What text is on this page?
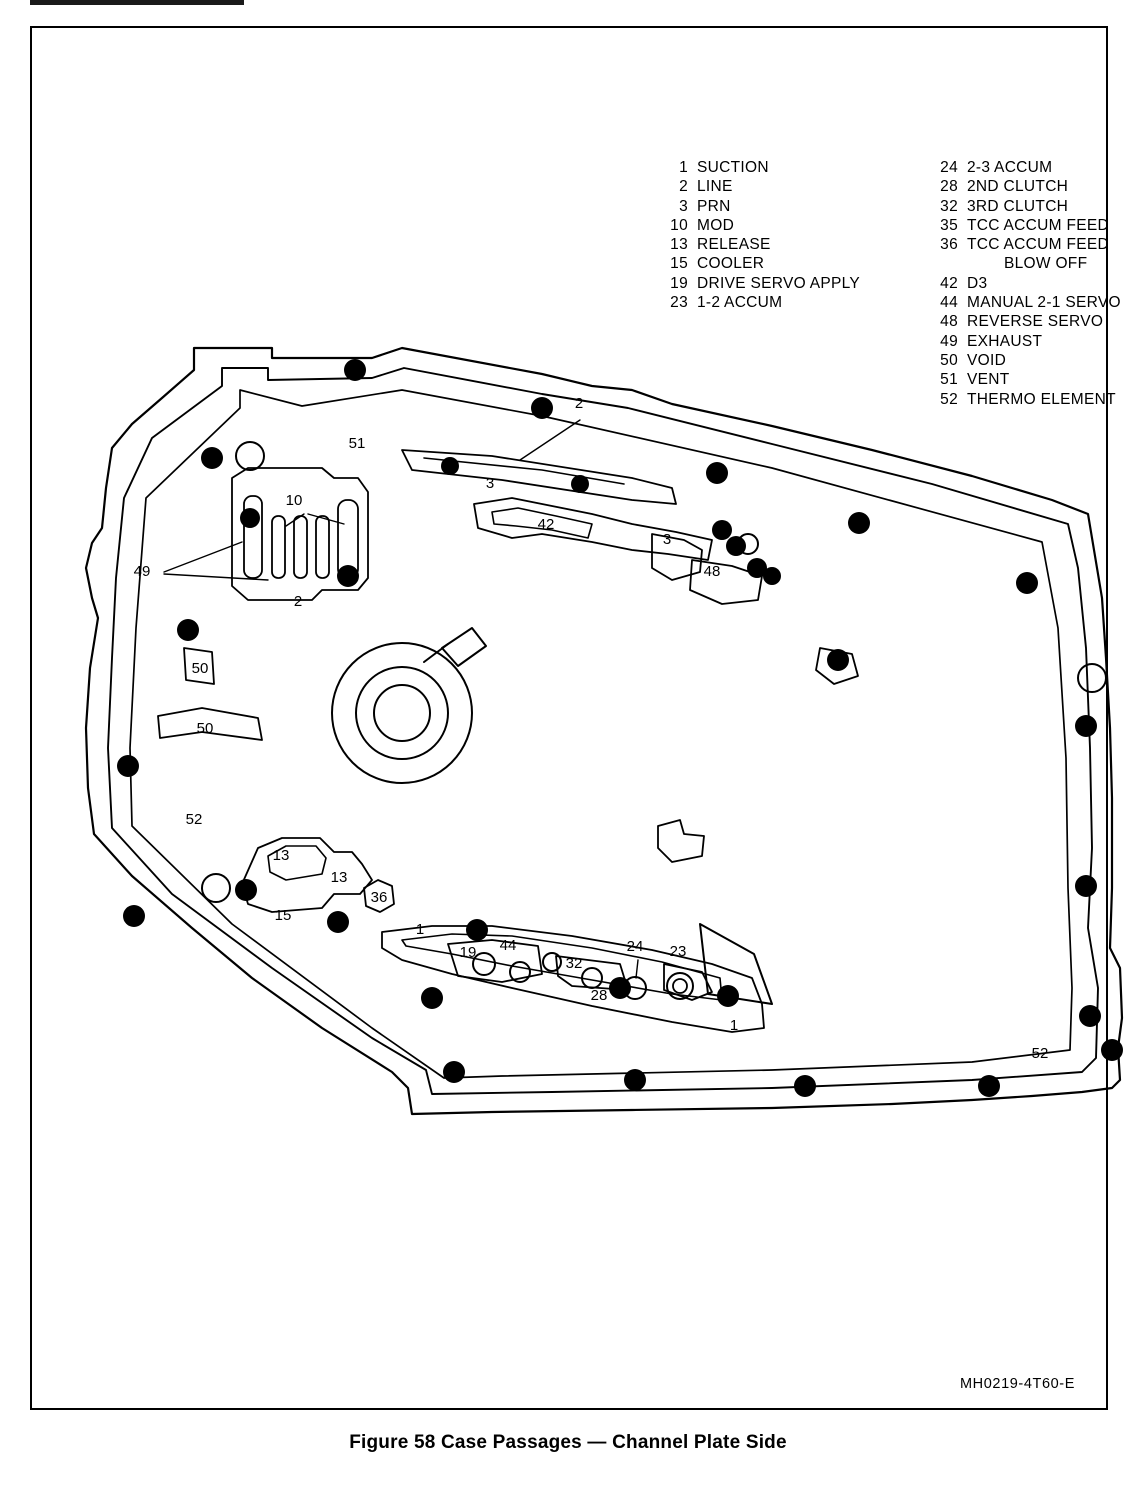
1 SUCTION
2 LINE
3 PRN
10 MOD
13 RELEASE
15 COOLER
19 DRIVE SERVO APPLY
23 1-2 ACCUM
24 2-3 ACCUM
28 2ND CLUTCH
32 3RD CLUTCH
35 TCC ACCUM FEED
36 TCC ACCUM FEED
BLOW OFF
42 D3
44 MANUAL 2-1 SERVO
48 REVERSE SERVO
49 EXHAUST
50 VOID
51 VENT
52 THERMO ELEMENT
51
2
3
42
3
48
10
49
2
50
50
52
13
13
36
15
1
19 44
32
28
24 23
1
52
MH0219-4T60-E
Figure 58 Case Passages — Channel Plate Side
